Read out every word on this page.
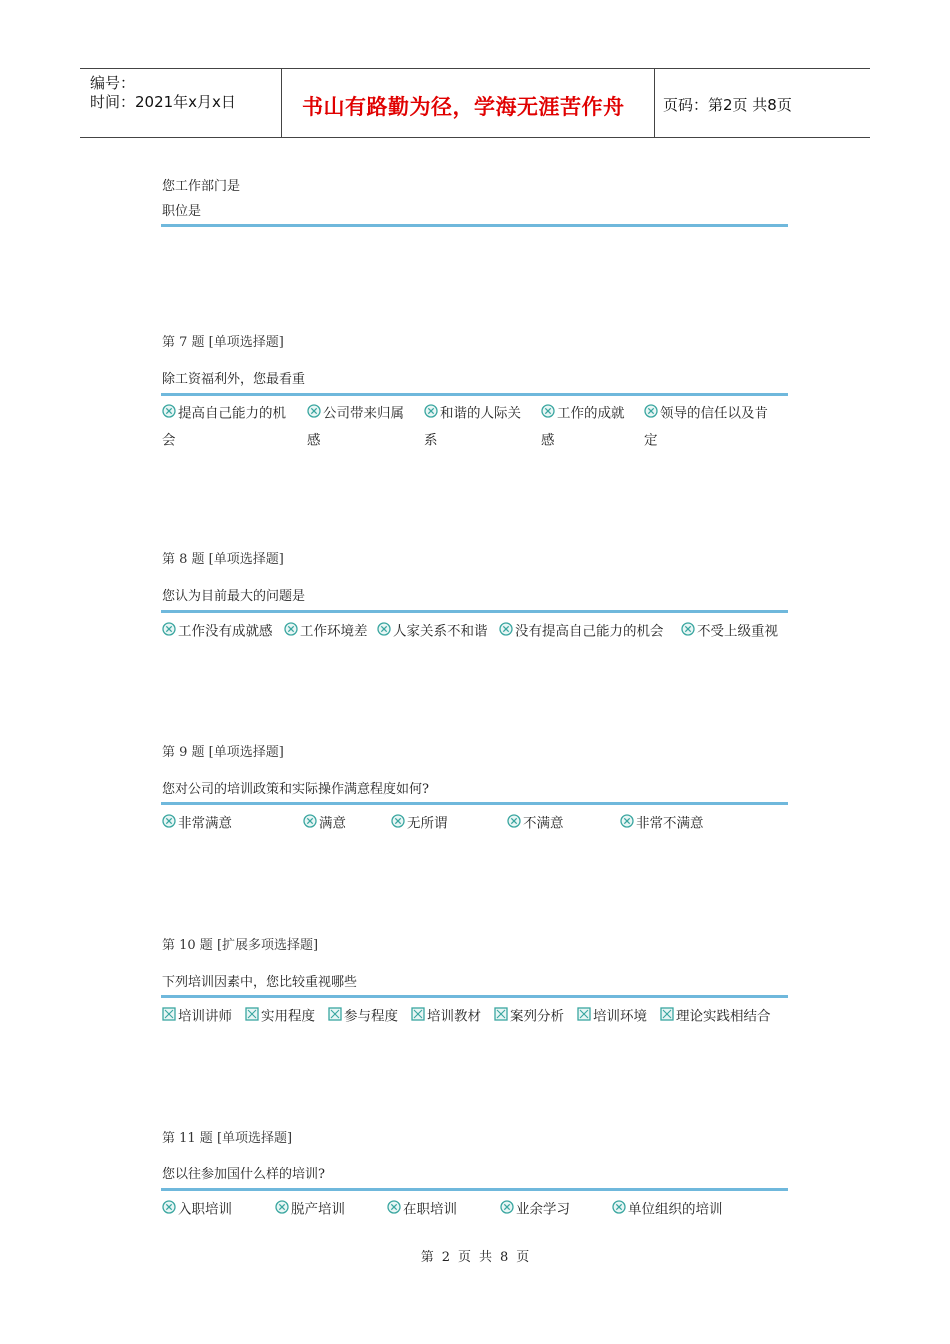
编号：
时间：2021年x月x日	书山有路勤为径，学海无涯苦作舟	页码：第2页 共8页
您工作部门是
职位是
第 7 题 [单项选择题]
除工资福利外，您最看重
提高自己能力的机
会
公司带来归属
感
和谐的人际关
系
工作的成就
感
领导的信任以及肯
定
第 8 题 [单项选择题]
您认为目前最大的问题是
工作没有成就感	工作环境差	人家关系不和谐	没有提高自己能力的机会	不受上级重视
第 9 题 [单项选择题]
您对公司的培训政策和实际操作满意程度如何?
非常满意	满意	无所谓	不满意	非常不满意
第 10 题 [扩展多项选择题]
下列培训因素中，您比较重视哪些
培训讲师	实用程度	参与程度	培训教材	案列分析	培训环境	理论实践相结合
第 11 题 [单项选择题]
您以往参加国什么样的培训?
入职培训	脱产培训	在职培训	业余学习	单位组织的培训
第 2 页 共 8 页
